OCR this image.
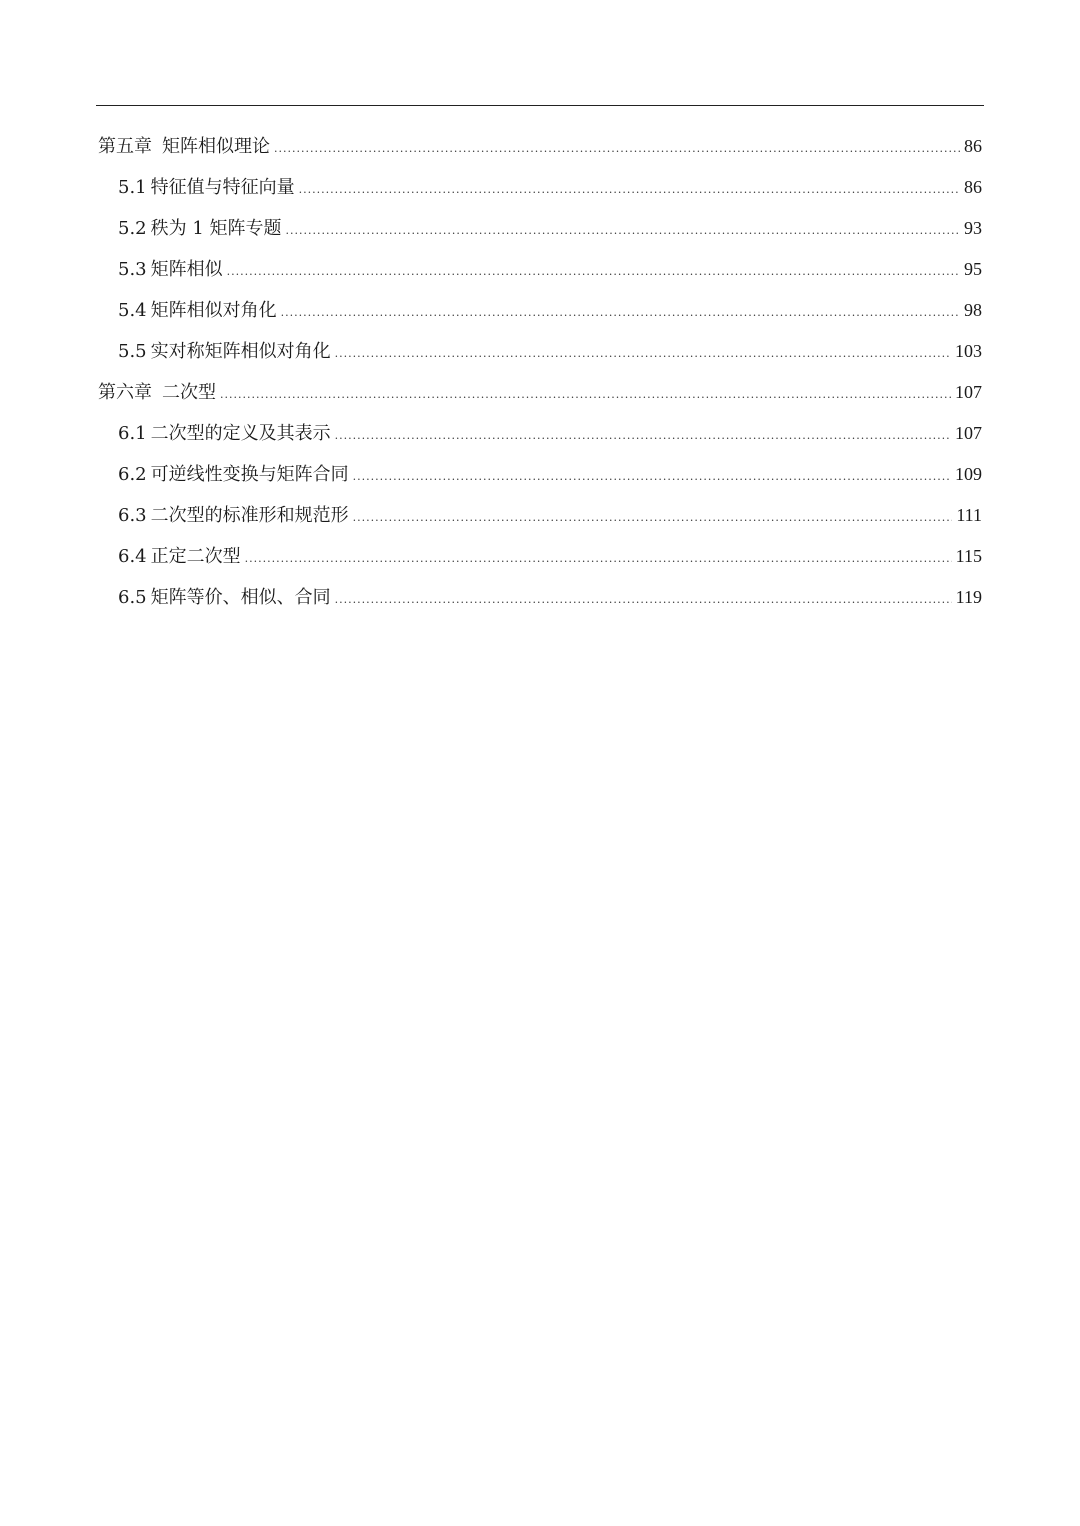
第五章 矩阵相似理论 .....	86
5.1 特征值与特征向量 .....	86
5.2 秩为 1 矩阵专题 .....	93
5.3 矩阵相似 .....	95
5.4 矩阵相似对角化 .....	98
5.5 实对称矩阵相似对角化 .....	103
第六章 二次型 .....	107
6.1 二次型的定义及其表示 .....	107
6.2 可逆线性变换与矩阵合同 .....	109
6.3 二次型的标准形和规范形 .....	111
6.4 正定二次型 .....	115
6.5 矩阵等价、相似、合同 .....	119
